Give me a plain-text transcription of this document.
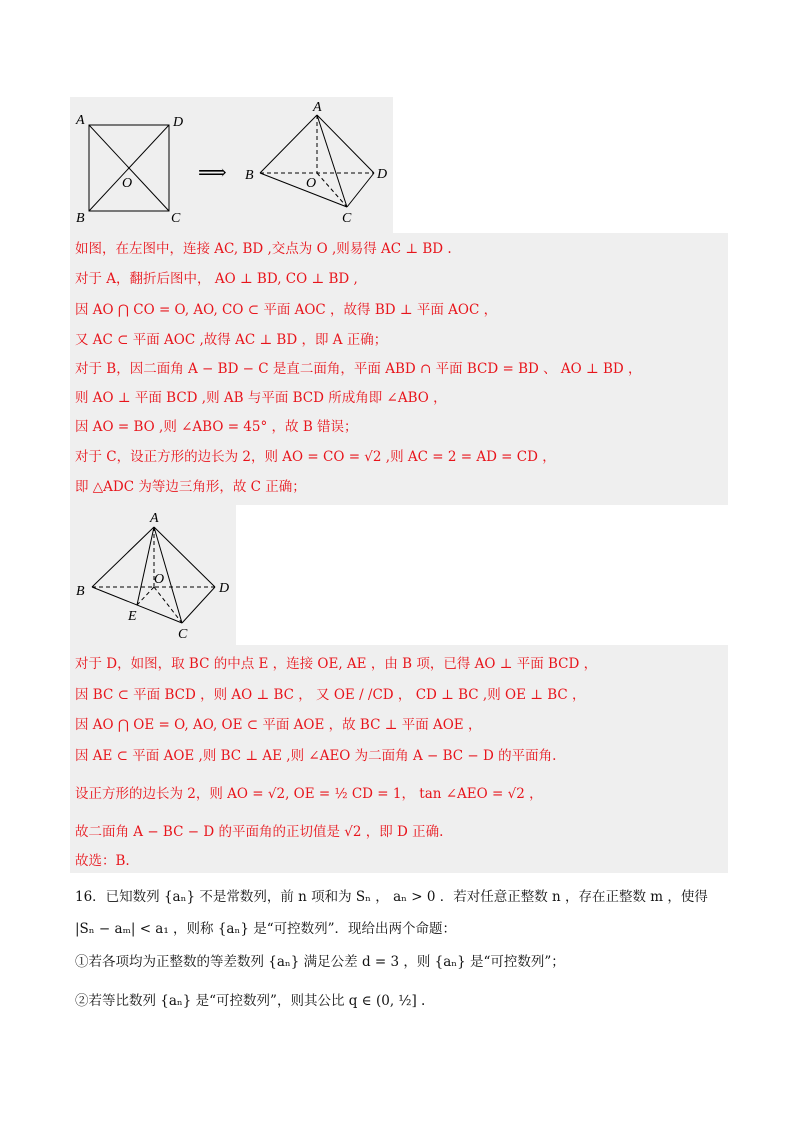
A	D
O
B	C
⟹
A
B
O
D
C
如图，在左图中，连接 AC, BD ,交点为 O ,则易得 AC ⊥ BD .
对于 A，翻折后图中， AO ⊥ BD, CO ⊥ BD ,
因 AO ⋂ CO = O, AO, CO ⊂ 平面 AOC ，故得 BD ⊥ 平面 AOC ，
又 AC ⊂ 平面 AOC ,故得 AC ⊥ BD ，即 A 正确；
对于 B，因二面角 A − BD − C 是直二面角，平面 ABD ∩ 平面 BCD = BD 、 AO ⊥ BD ，
则 AO ⊥ 平面 BCD ,则 AB 与平面 BCD 所成角即 ∠ABO ，
因 AO = BO ,则 ∠ABO = 45° ，故 B 错误；
对于 C，设正方形的边长为 2，则 AO = CO = √2 ,则 AC = 2 = AD = CD ，
即 △ADC 为等边三角形，故 C 正确；
A
B
O
D
E
C
对于 D，如图，取 BC 的中点 E ，连接 OE, AE ，由 B 项，已得 AO ⊥ 平面 BCD ，
因 BC ⊂ 平面 BCD ，则 AO ⊥ BC ， 又 OE / /CD ， CD ⊥ BC ,则 OE ⊥ BC ，
因 AO ⋂ OE = O, AO, OE ⊂ 平面 AOE ，故 BC ⊥ 平面 AOE ，
因 AE ⊂ 平面 AOE ,则 BC ⊥ AE ,则 ∠AEO 为二面角 A − BC − D 的平面角.
设正方形的边长为 2，则 AO = √2, OE = ½ CD = 1， tan ∠AEO = √2 ，
故二面角 A − BC − D 的平面角的正切值是 √2 ，即 D 正确.
故选：B.
16．已知数列 {aₙ} 不是常数列，前 n 项和为 Sₙ ， aₙ > 0 ．若对任意正整数 n ，存在正整数 m ，使得
|Sₙ − aₘ| < a₁ ，则称 {aₙ} 是“可控数列”．现给出两个命题：
①若各项均为正整数的等差数列 {aₙ} 满足公差 d = 3 ，则 {aₙ} 是“可控数列”；
②若等比数列 {aₙ} 是“可控数列”，则其公比 q ∈ (0, ½] .
